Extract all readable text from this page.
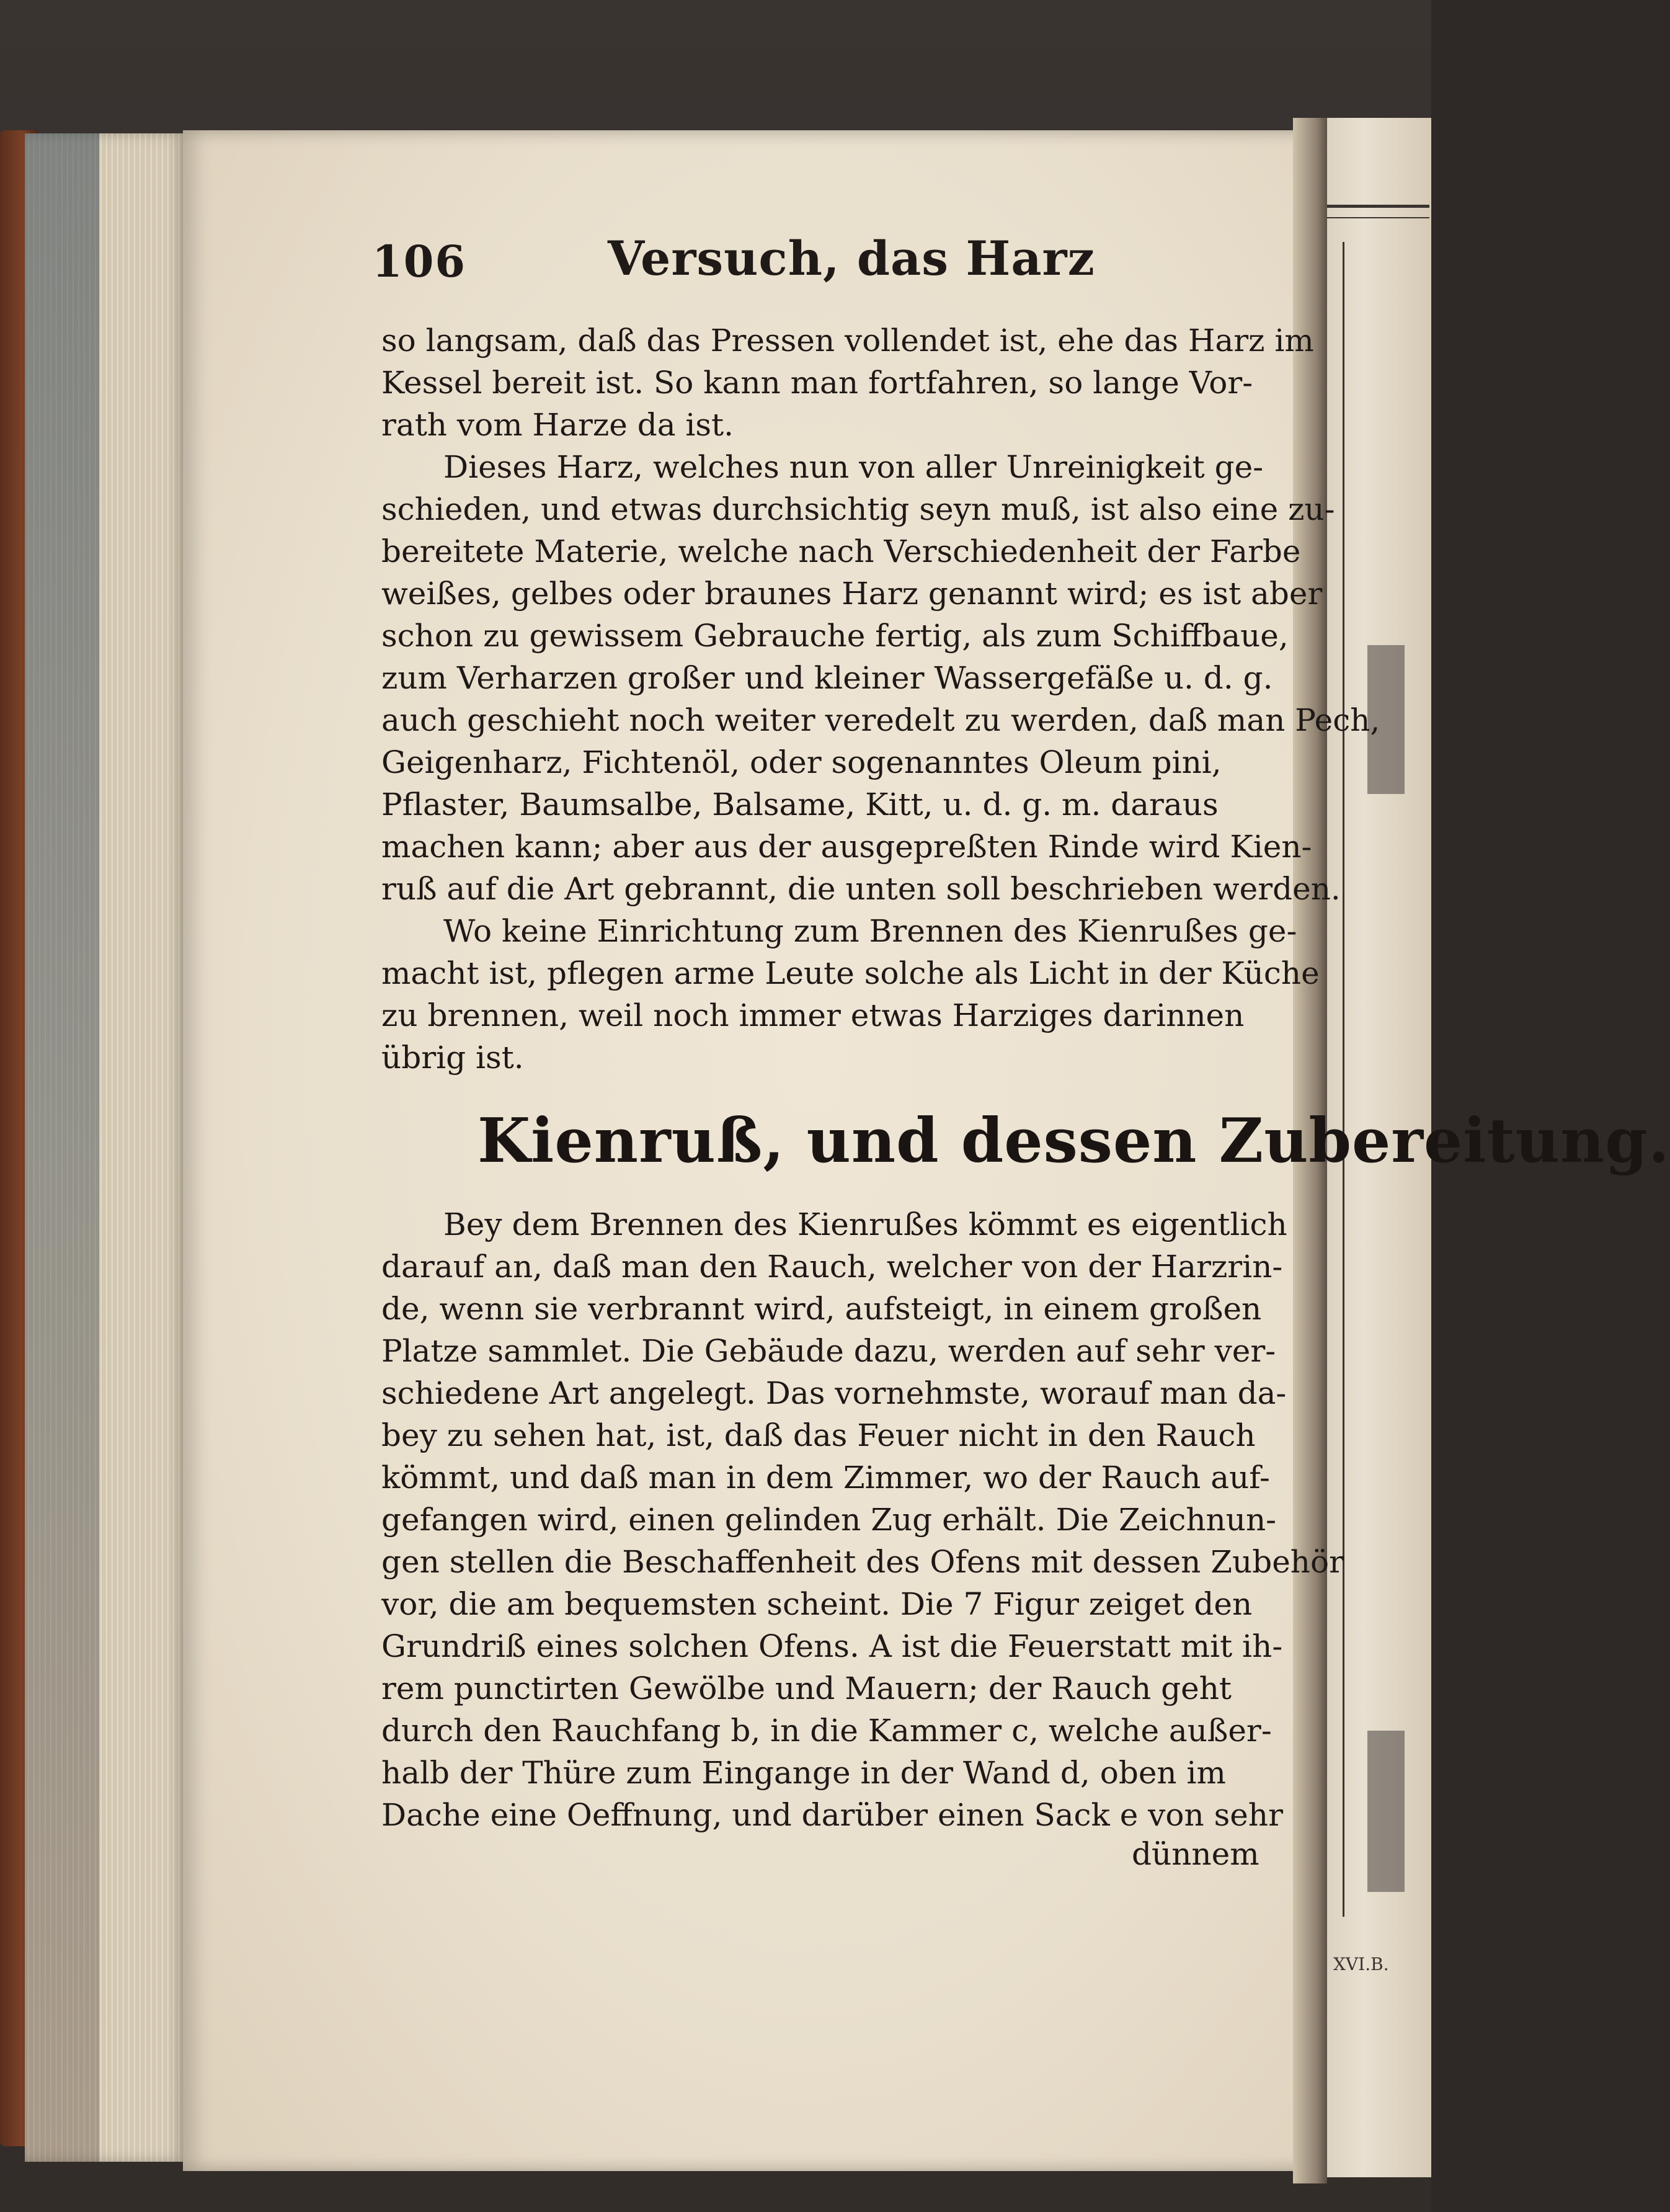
XVI.B.
106	Versuch, das Harz
so langsam, daß das Pressen vollendet ist, ehe das Harz im
Kessel bereit ist. So kann man fortfahren, so lange Vor-
rath vom Harze da ist.
Dieses Harz, welches nun von aller Unreinigkeit ge-
schieden, und etwas durchsichtig seyn muß, ist also eine zu-
bereitete Materie, welche nach Verschiedenheit der Farbe
weißes, gelbes oder braunes Harz genannt wird; es ist aber
schon zu gewissem Gebrauche fertig, als zum Schiffbaue,
zum Verharzen großer und kleiner Wassergefäße u. d. g.
auch geschieht noch weiter veredelt zu werden, daß man Pech,
Geigenharz, Fichtenöl, oder sogenanntes Oleum pini,
Pflaster, Baumsalbe, Balsame, Kitt, u. d. g. m. daraus
machen kann; aber aus der ausgepreßten Rinde wird Kien-
ruß auf die Art gebrannt, die unten soll beschrieben werden.
Wo keine Einrichtung zum Brennen des Kienrußes ge-
macht ist, pflegen arme Leute solche als Licht in der Küche
zu brennen, weil noch immer etwas Harziges darinnen
übrig ist.
Kienruß, und dessen Zubereitung.
Bey dem Brennen des Kienrußes kömmt es eigentlich
darauf an, daß man den Rauch, welcher von der Harzrin-
de, wenn sie verbrannt wird, aufsteigt, in einem großen
Platze sammlet. Die Gebäude dazu, werden auf sehr ver-
schiedene Art angelegt. Das vornehmste, worauf man da-
bey zu sehen hat, ist, daß das Feuer nicht in den Rauch
kömmt, und daß man in dem Zimmer, wo der Rauch auf-
gefangen wird, einen gelinden Zug erhält. Die Zeichnun-
gen stellen die Beschaffenheit des Ofens mit dessen Zubehör
vor, die am bequemsten scheint. Die 7 Figur zeiget den
Grundriß eines solchen Ofens. A ist die Feuerstatt mit ih-
rem punctirten Gewölbe und Mauern; der Rauch geht
durch den Rauchfang b, in die Kammer c, welche außer-
halb der Thüre zum Eingange in der Wand d, oben im
Dache eine Oeffnung, und darüber einen Sack e von sehr
dünnem
